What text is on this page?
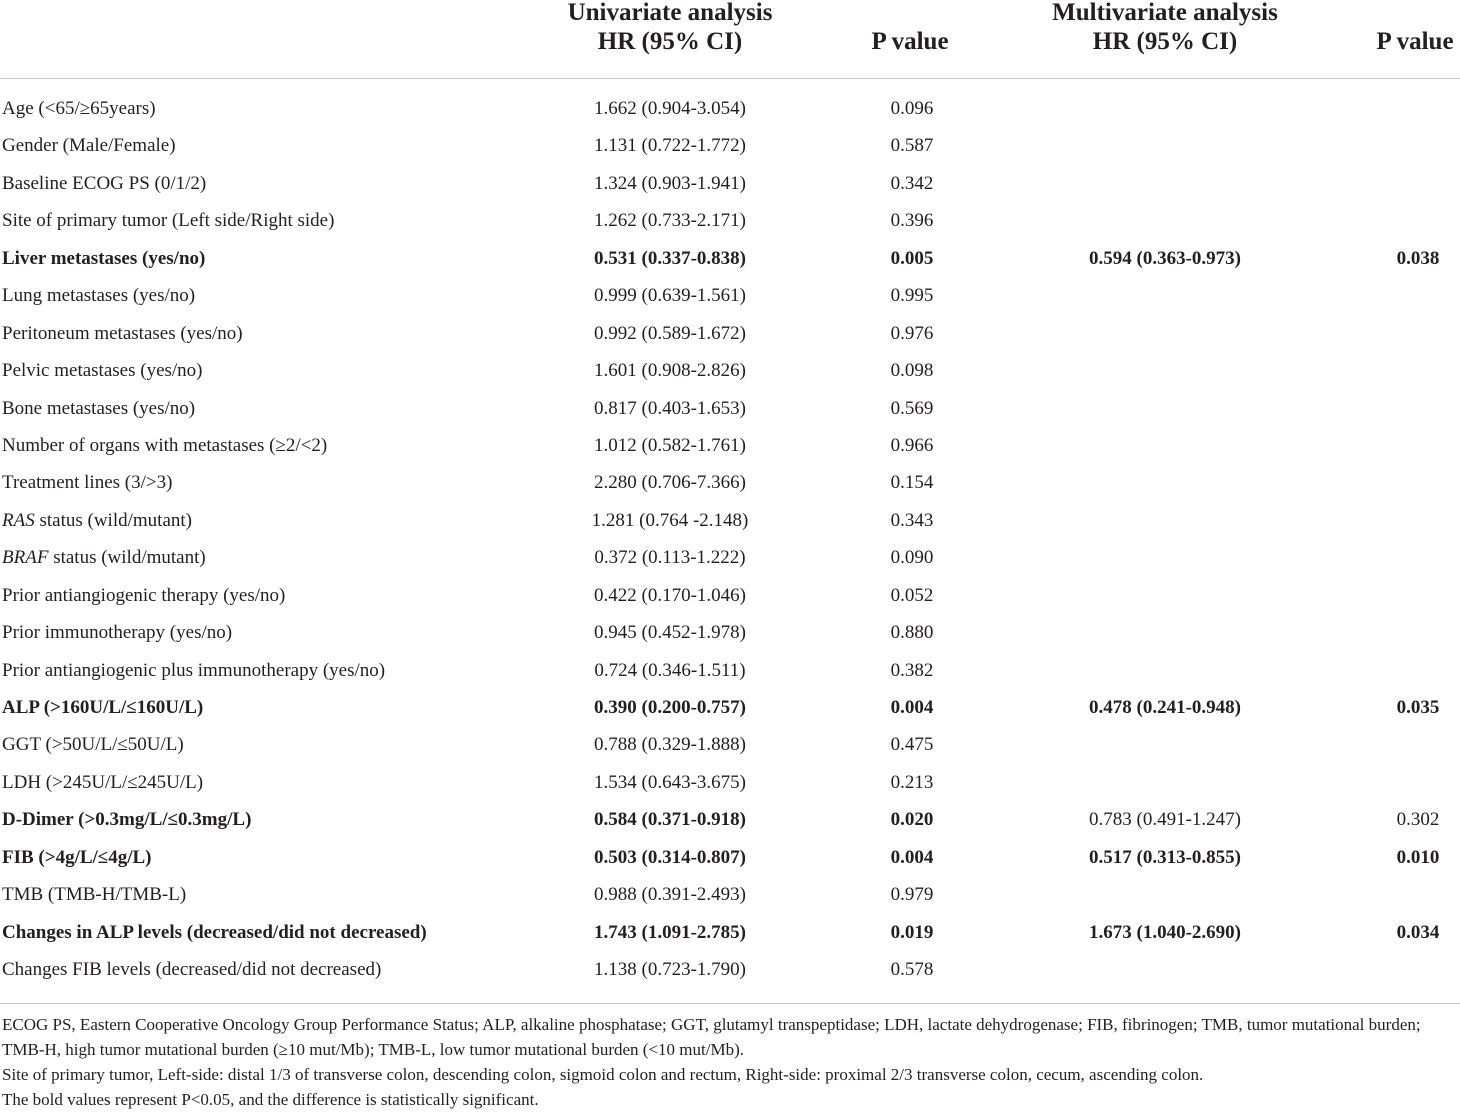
Univariate analysis
HR (95% CI)	P value
Multivariate analysis
HR (95% CI)	P value
Age (<65/≥65years)	1.662 (0.904-3.054)	0.096
Gender (Male/Female)	1.131 (0.722-1.772)	0.587
Baseline ECOG PS (0/1/2)	1.324 (0.903-1.941)	0.342
Site of primary tumor (Left side/Right side)	1.262 (0.733-2.171)	0.396
Liver metastases (yes/no)	0.531 (0.337-0.838)	0.005	0.594 (0.363-0.973)	0.038
Lung metastases (yes/no)	0.999 (0.639-1.561)	0.995
Peritoneum metastases (yes/no)	0.992 (0.589-1.672)	0.976
Pelvic metastases (yes/no)	1.601 (0.908-2.826)	0.098
Bone metastases (yes/no)	0.817 (0.403-1.653)	0.569
Number of organs with metastases (≥2/<2)	1.012 (0.582-1.761)	0.966
Treatment lines (3/>3)	2.280 (0.706-7.366)	0.154
RAS status (wild/mutant)	1.281 (0.764 -2.148)	0.343
BRAF status (wild/mutant)	0.372 (0.113-1.222)	0.090
Prior antiangiogenic therapy (yes/no)	0.422 (0.170-1.046)	0.052
Prior immunotherapy (yes/no)	0.945 (0.452-1.978)	0.880
Prior antiangiogenic plus immunotherapy (yes/no)	0.724 (0.346-1.511)	0.382
ALP (>160U/L/≤160U/L)	0.390 (0.200-0.757)	0.004	0.478 (0.241-0.948)	0.035
GGT (>50U/L/≤50U/L)	0.788 (0.329-1.888)	0.475
LDH (>245U/L/≤245U/L)	1.534 (0.643-3.675)	0.213
D-Dimer (>0.3mg/L/≤0.3mg/L)	0.584 (0.371-0.918)	0.020	0.783 (0.491-1.247)	0.302
FIB (>4g/L/≤4g/L)	0.503 (0.314-0.807)	0.004	0.517 (0.313-0.855)	0.010
TMB (TMB-H/TMB-L)	0.988 (0.391-2.493)	0.979
Changes in ALP levels (decreased/did not decreased)	1.743 (1.091-2.785)	0.019	1.673 (1.040-2.690)	0.034
Changes FIB levels (decreased/did not decreased)	1.138 (0.723-1.790)	0.578
ECOG PS, Eastern Cooperative Oncology Group Performance Status; ALP, alkaline phosphatase; GGT, glutamyl transpeptidase; LDH, lactate dehydrogenase; FIB, fibrinogen; TMB, tumor mutational burden; TMB-H, high tumor mutational burden (≥10 mut/Mb); TMB-L, low tumor mutational burden (<10 mut/Mb).
Site of primary tumor, Left-side: distal 1/3 of transverse colon, descending colon, sigmoid colon and rectum, Right-side: proximal 2/3 transverse colon, cecum, ascending colon.
The bold values represent P<0.05, and the difference is statistically significant.
